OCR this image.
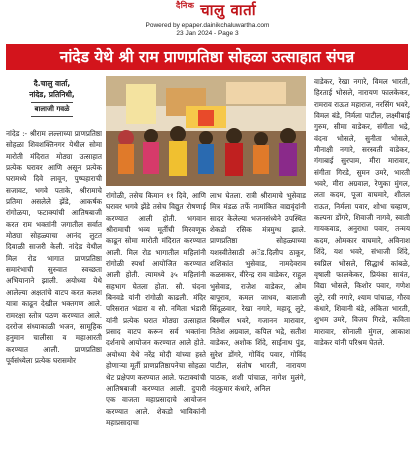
$^{दैनिक}$ चालु वार्ता
Powered by epaper.dainikchaluwartha.com
23 Jan 2024 - Page 3
नांदेड येथे श्री राम प्राणप्रतिष्ठा सोहळा उत्साहात संपन्न
दै.चालु वार्ता,
नांदेड, प्रतिनिधी,
बालाजी गवळे

नांदेड :- श्रीराम लल्लाच्या प्राणप्रतिष्ठा सोहळा शिवशक्तिनगर येथील सोमा मारोती मंदिरात मोठ्या उत्साहात प्रत्येक घरावर आणि असून प्रत्येक घरामध्ये दिवे लावून, पुष्पहाराची सजावट, भगवे पताके, श्रीरामाचे प्रतिमा असलेले झेंडे, आकर्षक रांगोळया, फटाक्यांची आतिषबाजी करत राम भक्तांनी जगातील सर्वात मोठ्या सोहळ्याचा आनंद लुटत दिवाळी साजरी केली. नांदेड येथील मिल रोड भागात प्राणप्रतिष्ठा समारंभाची सुरुवात स्वच्छता अभियानाने झाली. अयोध्या येथे आलेल्या अक्षतांचे वाटप करत कलश यात्रा काढून देखील भक्तगण आले. रामरक्षा स्तोत्र पठण करण्यात आले. दररोज संध्याकाळी भजन, सामूहिक हनुमान चालीसा व महाआरती करण्यात आली. प्राणप्रतिष्ठा पूर्वसंध्येला प्रत्येक घरासमोर

रांगोळी, तसेच किमान ११ दिवे, आणि घरावर भगवे झेंडे तसेच विद्युत रोषणाई करण्यात आली होती. भगवान श्रीरामाची भव्य मूर्तीची मिरवणूक काढून सोमा मारोती मंदिरात करण्यात आली. मिल रोड भागातील महिलांनी रांगोळी स्पर्धा आयोजित करण्यात आली होती. त्यामध्ये ३५ महिलांनी सहभाग घेतला होता. सौ. चंदना बिनवडे यांनी रांगोळी काढली. मंदिर परिसरात भंडारा व सौ. नमिता भंडारी यांनी प्रत्येक घरात मोठ्या उत्साहात प्रसाद वाटप करून सर्व भक्तांना दर्शनाचे आयोजन करण्यात आले होते. अयोध्या येथे नरेंद्र मोदी यांच्या हस्ते होणाऱ्या मूर्ती प्राणप्रतिष्ठापनेचा सोहळा थेट प्रक्षेपण करण्यात आले. फटाक्यांची आतिषबाजी करण्यात आली. दुपारी एक वाजता महाप्रसादाचे आयोजन करण्यात आले. शेकडो भाविकांनी महाप्रसादाचा

लाभ घेतला. रात्री श्रीरामाचे भुसेवाड मित्र मंडळ तर्फे नामांकित वाद्यवृंदांनी सादर केलेल्या भजनसंध्येने उपस्थित शेकडो रसिक मंत्रमुग्ध झाले. प्राणप्रतिष्ठा सोहळ्याच्या यशस्वीतेसाठी अॅड.दिलीप ठाकूर, शशिकांत भुसेवाड, नामदेवराव कळसकर, वीरेन्द्र राव वाडेकर, राहुल भुसेवाड, राजेश वाडेकर, ओम बापूराव, कमल जाधव, बालाजी सिंदूळवार, रेखा नगारे, महादू लुटे, बिस्मील भवरे, गजानन मारावार, नितेश अग्रवाल, कपिल भद्रे, सतीश वाडेकर, अशोक शिंदे, साईनाथ पुंड, सुरेश डोंगरे, गोविंद पवार, गोविंद पाटील, संतोष भारती, नारायण पाठक, शशी पांचाळ, नागेश मुलंगे, नंदकुमार कंधारे, अनिल

वाडेकर, रेखा नगारे, विमल भारती, हिरताई भोसले, नारायण फालकेकर, रामराव राऊत महाराज, नरसिंग भवरे, विमल बंडे, निर्मला पाटील, लक्ष्मीबाई गुरुम, सीमा वाडेकर, संगीता भद्रे, वंदना भोसले, सुनीता भोसले, मीनाक्षी नगारे, सरस्वती वाडेकर, गंगाबाई सुरपाम, मीरा मारावार, संगीता गिरडे, सुमन उमरे, भारती भवरे, मीरा अग्रवाल, रेणुका मुंगल, लता कदम, पूजा वाघमारे, शीतल राऊत, निर्मला पवार, शोभा चव्हाण, कल्पना डोंगरे, शिवाजी नागवे, स्वाती गायकवाड, अनुराधा पवार, तन्मय कदम, ओमकार वाघमारे, अविनाश शिंदे, यश भवरे, संभाजी शिंदे, स्वप्निल भोसले, सिद्धार्थ कांबळे, वृषाली फालकेकर, प्रियंका सावंत, विद्या भोसले, किशोर पवार, गणेश लुटे, रवी नगारे, श्याम पांचाळ, गौरव कंधारे, शिवानी बंडे, अंकिता भारती, शुभम उमरे, विजय गिरडे, कविता मारावार, सोनाली मुंगल, आकाश वाडेकर यांनी परिश्रम घेतले.
